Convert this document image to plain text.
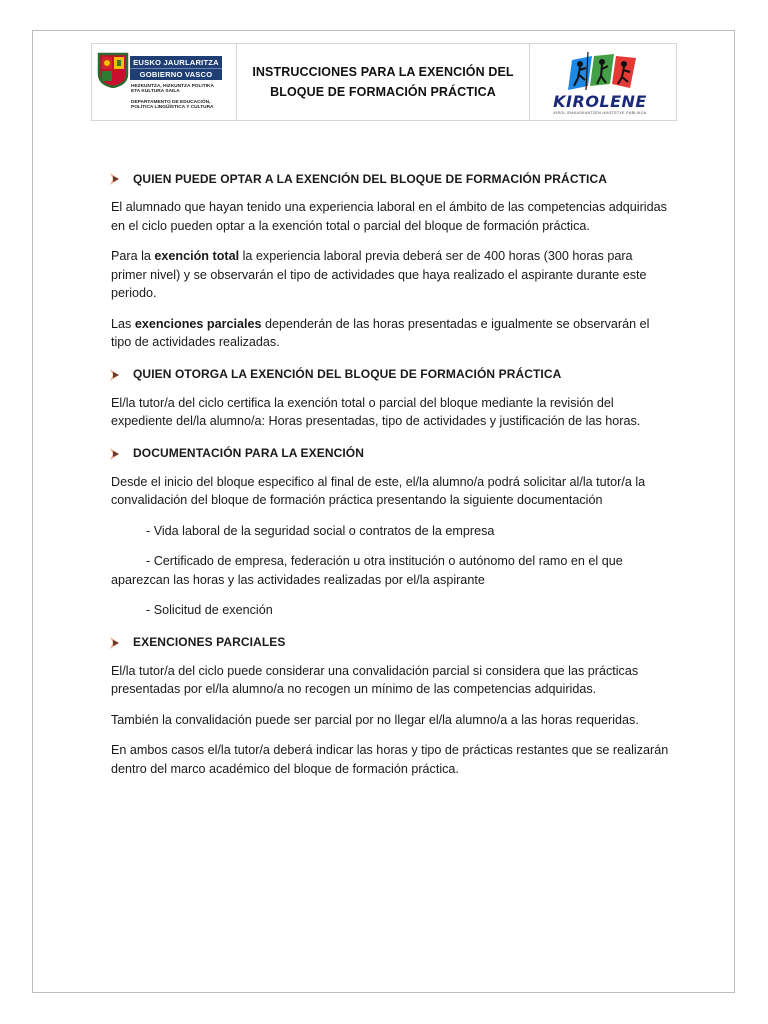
EUSKO JAURLARITZA
GOBIERNO VASCO
HEZKUNTZA, HIZKUNTZA POLITIKA
ETA KULTURA SAILA
DEPARTAMENTO DE EDUCACIÓN,
POLÍTICA LINGÜÍSTICA Y CULTURA
INSTRUCCIONES PARA LA EXENCIÓN DEL
BLOQUE DE FORMACIÓN PRÁCTICA	KIROLENE
KIROL IRAKASKUNTZEN IKASTETXE PUBLIKOA
QUIEN PUEDE OPTAR A LA EXENCIÓN DEL BLOQUE DE FORMACIÓN PRÁCTICA

El alumnado que hayan tenido una experiencia laboral en el ámbito de las competencias adquiridas en el ciclo pueden optar a la exención total o parcial del bloque de formación práctica.

Para la exención total la experiencia laboral previa deberá ser de 400 horas (300 horas para primer nivel) y se observarán el tipo de actividades que haya realizado el aspirante durante este periodo.

Las exenciones parciales dependerán de las horas presentadas e igualmente se observarán el tipo de actividades realizadas.

QUIEN OTORGA LA EXENCIÓN DEL BLOQUE DE FORMACIÓN PRÁCTICA

El/la tutor/a del ciclo certifica la exención total o parcial del bloque mediante la revisión del expediente del/la alumno/a: Horas presentadas, tipo de actividades y justificación de las horas.

DOCUMENTACIÓN PARA LA EXENCIÓN

Desde el inicio del bloque especifico al final de este, el/la alumno/a podrá solicitar al/la tutor/a la convalidación del bloque de formación práctica presentando la siguiente documentación

- Vida laboral de la seguridad social o contratos de la empresa

- Certificado de empresa, federación u otra institución o autónomo del ramo en el que aparezcan las horas y las actividades realizadas por el/la aspirante

- Solicitud de exención

EXENCIONES PARCIALES

El/la tutor/a del ciclo puede considerar una convalidación parcial si considera que las prácticas presentadas por el/la alumno/a no recogen un mínimo de las competencias adquiridas.

También la convalidación puede ser parcial por no llegar el/la alumno/a a las horas requeridas.

En ambos casos el/la tutor/a deberá indicar las horas y tipo de prácticas restantes que se realizarán dentro del marco académico del bloque de formación práctica.
